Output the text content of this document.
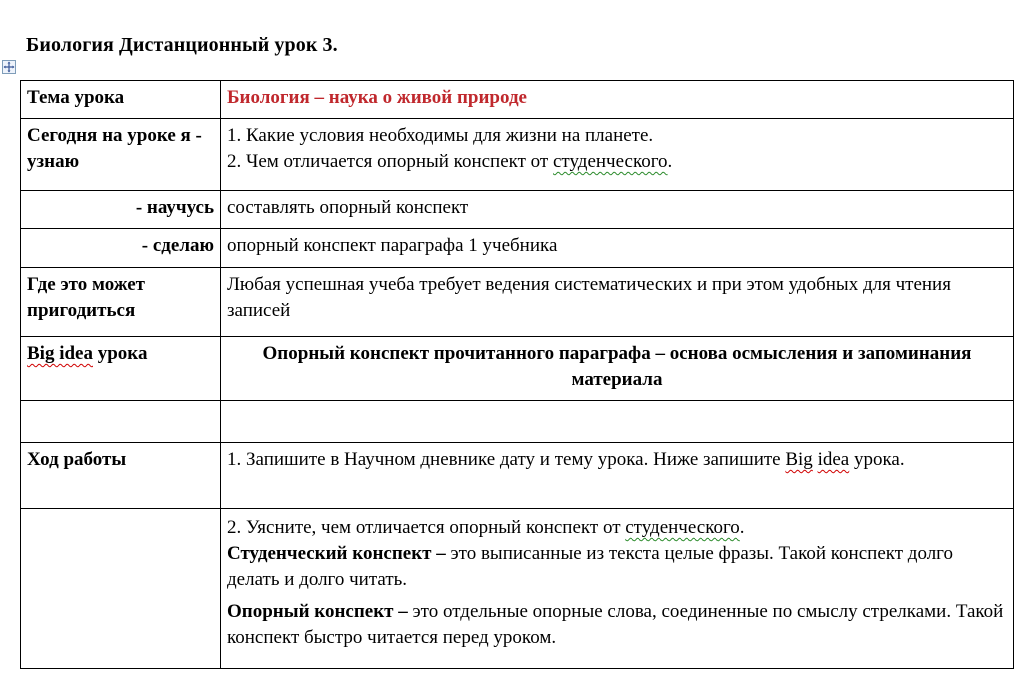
Биология Дистанционный урок 3.
Тема урока	Биология – наука о живой природе
Сегодня на уроке я - узнаю	1. Какие условия необходимы для жизни на планете.
2. Чем отличается опорный конспект от студенческого.

- научусь	составлять опорный конспект
- сделаю	опорный конспект параграфа 1 учебника
Где это может пригодиться	Любая успешная учеба требует ведения систематических и при этом удобных для чтения записей
Big idea урока	Опорный конспект прочитанного параграфа – основа осмысления и запоминания материала

Ход работы	1. Запишите в Научном дневнике дату и тему урока. Ниже запишите Big idea урока.

	2. Уясните, чем отличается опорный конспект от студенческого.
Студенческий конспект – это выписанные из текста целые фразы. Такой конспект долго делать и долго читать.
Опорный конспект – это отдельные опорные слова, соединенные по смыслу стрелками. Такой конспект быстро читается перед уроком.
